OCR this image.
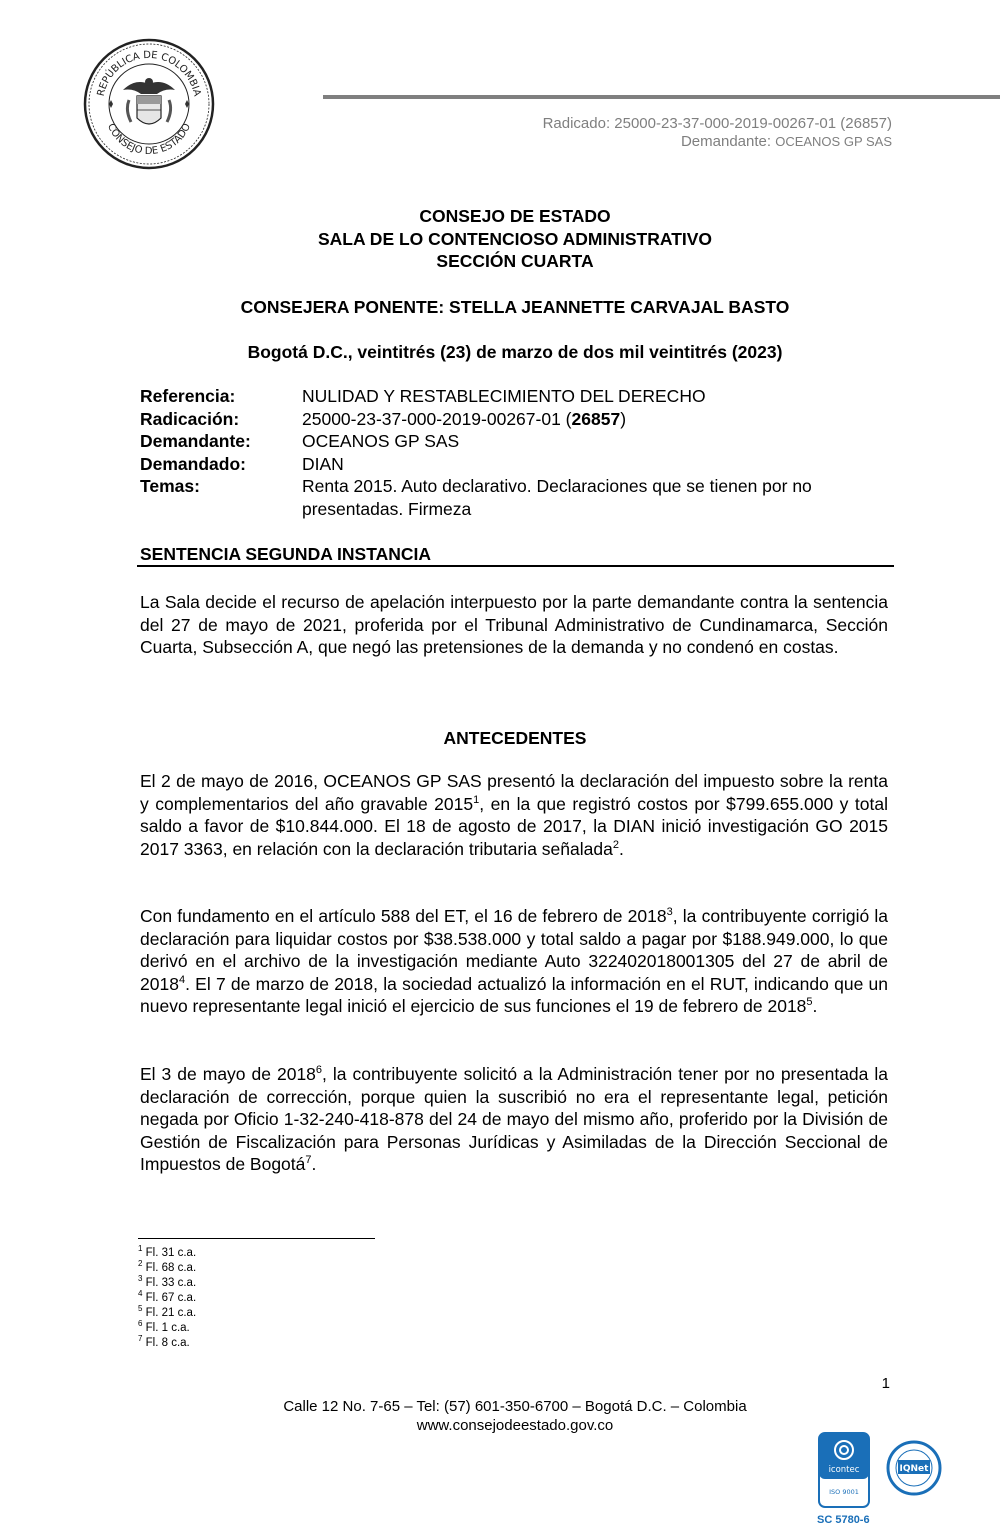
REPÚBLICA DE COLOMBIA
CONSEJO DE ESTADO	Radicado: 25000-23-37-000-2019-00267-01 (26857)
Demandante: OCEANOS GP SAS
CONSEJO DE ESTADO
SALA DE LO CONTENCIOSO ADMINISTRATIVO
SECCIÓN CUARTA
CONSEJERA PONENTE: STELLA JEANNETTE CARVAJAL BASTO
Bogotá D.C., veintitrés (23) de marzo de dos mil veintitrés (2023)
Referencia:	NULIDAD Y RESTABLECIMIENTO DEL DERECHO
Radicación:	25000-23-37-000-2019-00267-01 (26857)
Demandante:	OCEANOS GP SAS
Demandado:	DIAN
Temas:	Renta 2015. Auto declarativo. Declaraciones que se tienen por no presentadas. Firmeza
SENTENCIA SEGUNDA INSTANCIA
La Sala decide el recurso de apelación interpuesto por la parte demandante contra la sentencia del 27 de mayo de 2021, proferida por el Tribunal Administrativo de Cundinamarca, Sección Cuarta, Subsección A, que negó las pretensiones de la demanda y no condenó en costas.
ANTECEDENTES
El 2 de mayo de 2016, OCEANOS GP SAS presentó la declaración del impuesto sobre la renta y complementarios del año gravable 2015$^1$, en la que registró costos por $799.655.000 y total saldo a favor de $10.844.000. El 18 de agosto de 2017, la DIAN inició investigación GO 2015 2017 3363, en relación con la declaración tributaria señalada$^2$.
Con fundamento en el artículo 588 del ET, el 16 de febrero de 2018$^3$, la contribuyente corrigió la declaración para liquidar costos por $38.538.000 y total saldo a pagar por $188.949.000, lo que derivó en el archivo de la investigación mediante Auto 322402018001305 del 27 de abril de 2018$^4$. El 7 de marzo de 2018, la sociedad actualizó la información en el RUT, indicando que un nuevo representante legal inició el ejercicio de sus funciones el 19 de febrero de 2018$^5$.
El 3 de mayo de 2018$^6$, la contribuyente solicitó a la Administración tener por no presentada la declaración de corrección, porque quien la suscribió no era el representante legal, petición negada por Oficio 1-32-240-418-878 del 24 de mayo del mismo año, proferido por la División de Gestión de Fiscalización para Personas Jurídicas y Asimiladas de la Dirección Seccional de Impuestos de Bogotá$^7$.
$^1$ Fl. 31 c.a.
$^2$ Fl. 68 c.a.
$^3$ Fl. 33 c.a.
$^4$ Fl. 67 c.a.
$^5$ Fl. 21 c.a.
$^6$ Fl. 1 c.a.
$^7$ Fl. 8 c.a.
1
Calle 12 No. 7-65 – Tel: (57) 601-350-6700 – Bogotá D.C. – Colombia
www.consejodeestado.gov.co
icontec
ISO 9001
IQNet
SC 5780-6
